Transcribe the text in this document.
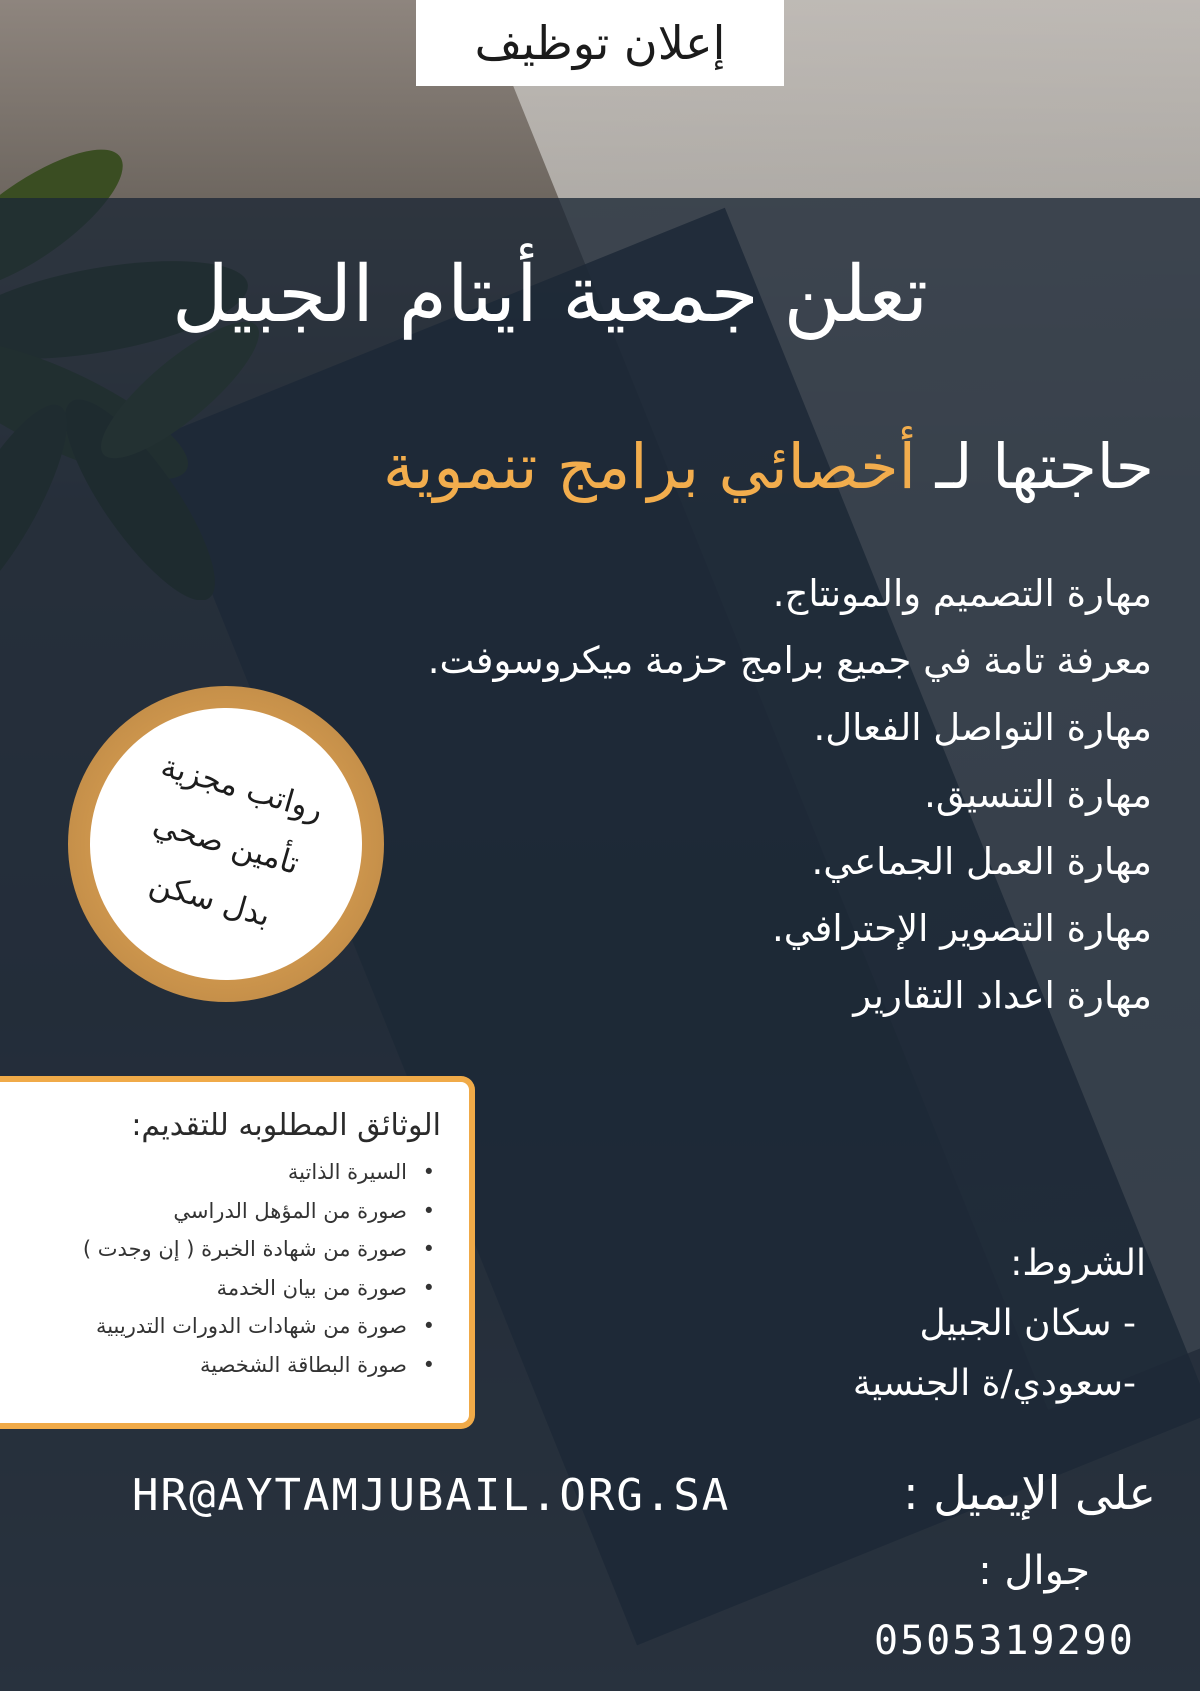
إعلان توظيف
تعلن جمعية أيتام الجبيل
حاجتها لـ أخصائي برامج تنموية
مهارة التصميم والمونتاج.
معرفة تامة في جميع برامج حزمة ميكروسوفت.
مهارة التواصل الفعال.
مهارة التنسيق.
مهارة العمل الجماعي.
مهارة التصوير الإحترافي.
مهارة اعداد التقارير
رواتب مجزية
تأمين صحي
بدل سكن
الوثائق المطلوبه للتقديم:
• السيرة الذاتية
• صورة من المؤهل الدراسي
• صورة من شهادة الخبرة ( إن وجدت )
• صورة من بيان الخدمة
• صورة من شهادات الدورات التدريبية
• صورة البطاقة الشخصية
الشروط:
- سكان الجبيل
-سعودي/ة الجنسية
على الإيميل :
HR@AYTAMJUBAIL.ORG.SA
جوال :
0505319290
